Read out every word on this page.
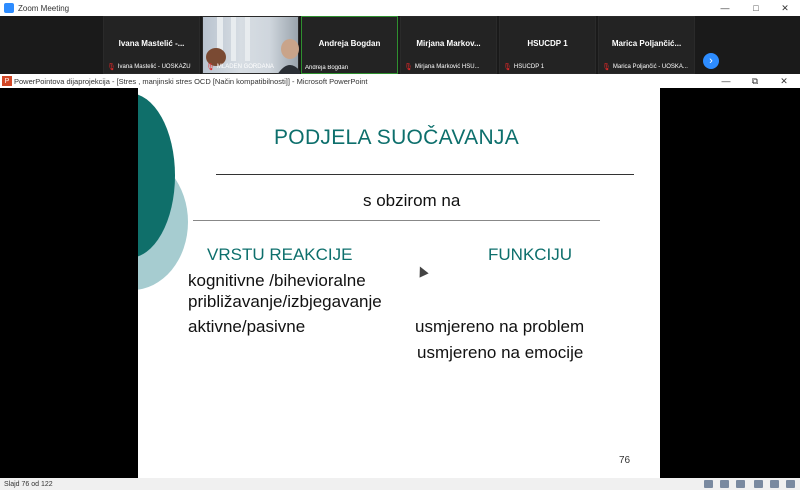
Zoom Meeting	—	□	✕
Ivana Mastelić -...
🎙 Ivana Mastelić - UOSKAŽU 🎙 MLADEN GORDANA
Andreja Bogdan
Andreja Bogdan
Mirjana Markov...
🎙 Mirjana Marković HSU...
HSUCDP 1
🎙 HSUCDP 1
Marica Poljančić...
🎙 Marica Poljančić - UOSKA... ›
P PowerPointova dijaprojekcija - [Stres , manjinski stres OCD [Način kompatibilnosti]] - Microsoft PowerPoint	—	⧉	✕
PODJELA SUOČAVANJA
s obzirom na
VRSTU REAKCIJE	FUNKCIJU
kognitivne /bihevioralne
približavanje/izbjegavanje
aktivne/pasivne	usmjereno na problem
usmjereno na emocije
76
Slajd 76 od 122
